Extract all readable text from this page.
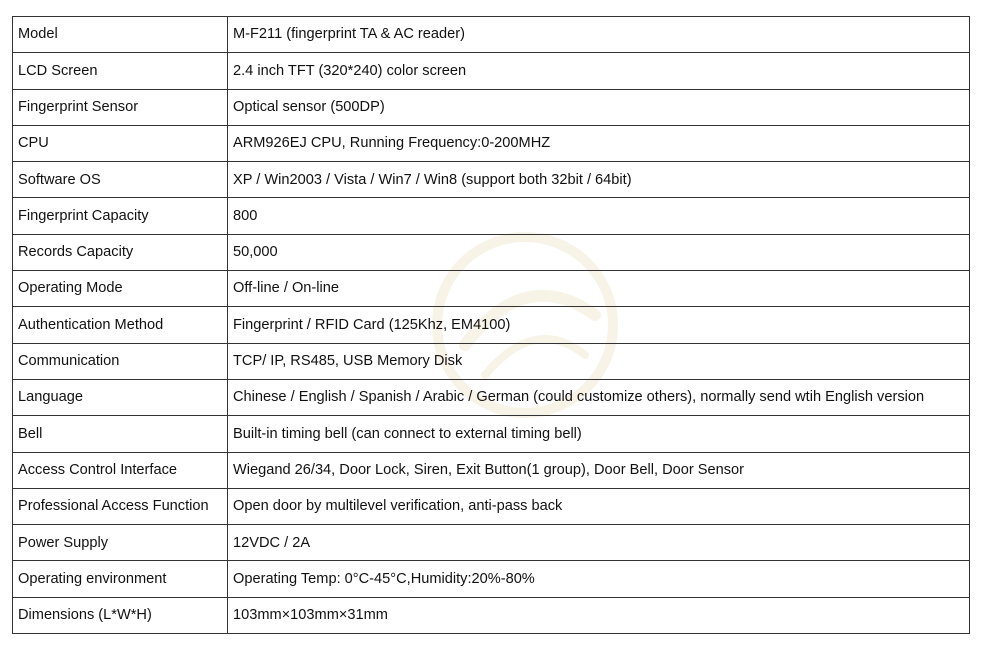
Model	M-F211 (fingerprint TA & AC reader)
LCD Screen	2.4 inch TFT (320*240) color screen
Fingerprint Sensor	Optical sensor (500DP)
CPU	ARM926EJ CPU, Running Frequency:0-200MHZ
Software OS	XP / Win2003 / Vista / Win7 / Win8 (support both 32bit / 64bit)
Fingerprint Capacity	800
Records Capacity	50,000
Operating Mode	Off-line / On-line
Authentication Method	Fingerprint / RFID Card (125Khz, EM4100)
Communication	TCP/ IP, RS485, USB Memory Disk
Language	Chinese / English / Spanish / Arabic / German (could customize others), normally send wtih English version
Bell	Built-in timing bell (can connect to external timing bell)
Access Control Interface	Wiegand 26/34, Door Lock, Siren, Exit Button(1 group), Door Bell, Door Sensor
Professional Access Function	Open door by multilevel verification, anti-pass back
Power Supply	12VDC / 2A
Operating environment	Operating Temp: 0°C-45°C,Humidity:20%-80%
Dimensions (L*W*H)	103mm×103mm×31mm
